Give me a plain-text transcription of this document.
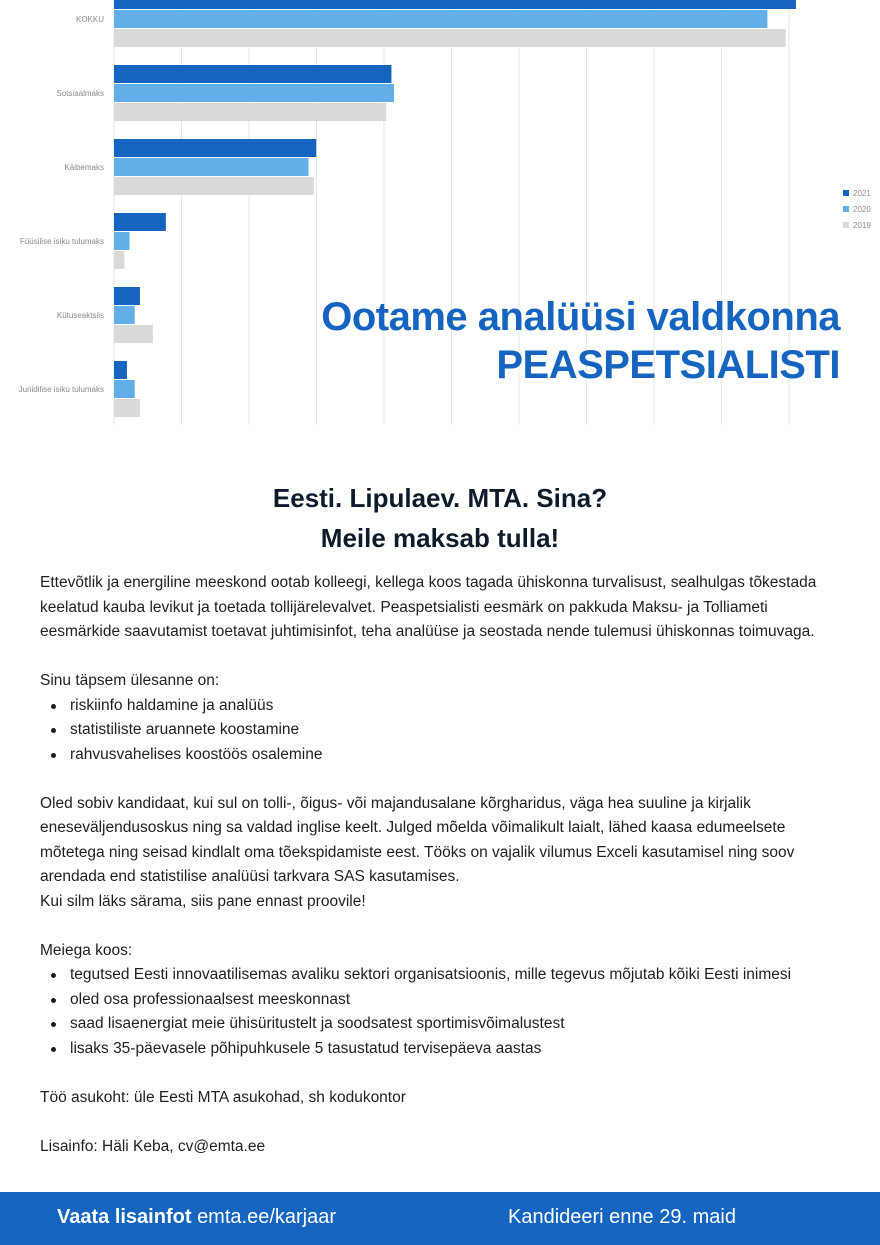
KOKKU
Sotsiaalmaks
Käibemaks
Füüsilise isiku tulumaks
Kütuseaktsiis
Juriidilise isiku tulumaks
2021
2020
2019
Ootame analüüsi valdkonna
PEASPETSIALISTI
Eesti. Lipulaev. MTA. Sina?
Meile maksab tulla!

Ettevõtlik ja energiline meeskond ootab kolleegi, kellega koos tagada ühiskonna turvalisust, sealhulgas tõkestada keelatud kauba levikut ja toetada tollijärelevalvet. Peaspetsialisti eesmärk on pakkuda Maksu- ja Tolliameti eesmärkide saavutamist toetavat juhtimisinfot, teha analüüse ja seostada nende tulemusi ühiskonnas toimuvaga.

Sinu täpsem ülesanne on:

riskiinfo haldamine ja analüüs
statistiliste aruannete koostamine
rahvusvahelises koostöös osalemine

Oled sobiv kandidaat, kui sul on tolli-, õigus- või majandusalane kõrgharidus, väga hea suuline ja kirjalik eneseväljendusoskus ning sa valdad inglise keelt. Julged mõelda võimalikult laialt, lähed kaasa edumeelsete mõtetega ning seisad kindlalt oma tõekspidamiste eest. Tööks on vajalik vilumus Exceli kasutamisel ning soov arendada end statistilise analüüsi tarkvara SAS kasutamises.

Kui silm läks särama, siis pane ennast proovile!

Meiega koos:

tegutsed Eesti innovaatilisemas avaliku sektori organisatsioonis, mille tegevus mõjutab kõiki Eesti inimesi
oled osa professionaalsest meeskonnast
saad lisaenergiat meie ühisüritustelt ja soodsatest sportimisvõimalustest
lisaks 35-päevasele põhipuhkusele 5 tasustatud tervisepäeva aastas

Töö asukoht: üle Eesti MTA asukohad, sh kodukontor

Lisainfo: Häli Keba, cv@emta.ee

Vaata lisainfot emta.ee/karjaar	Kandideeri enne 29. maid
